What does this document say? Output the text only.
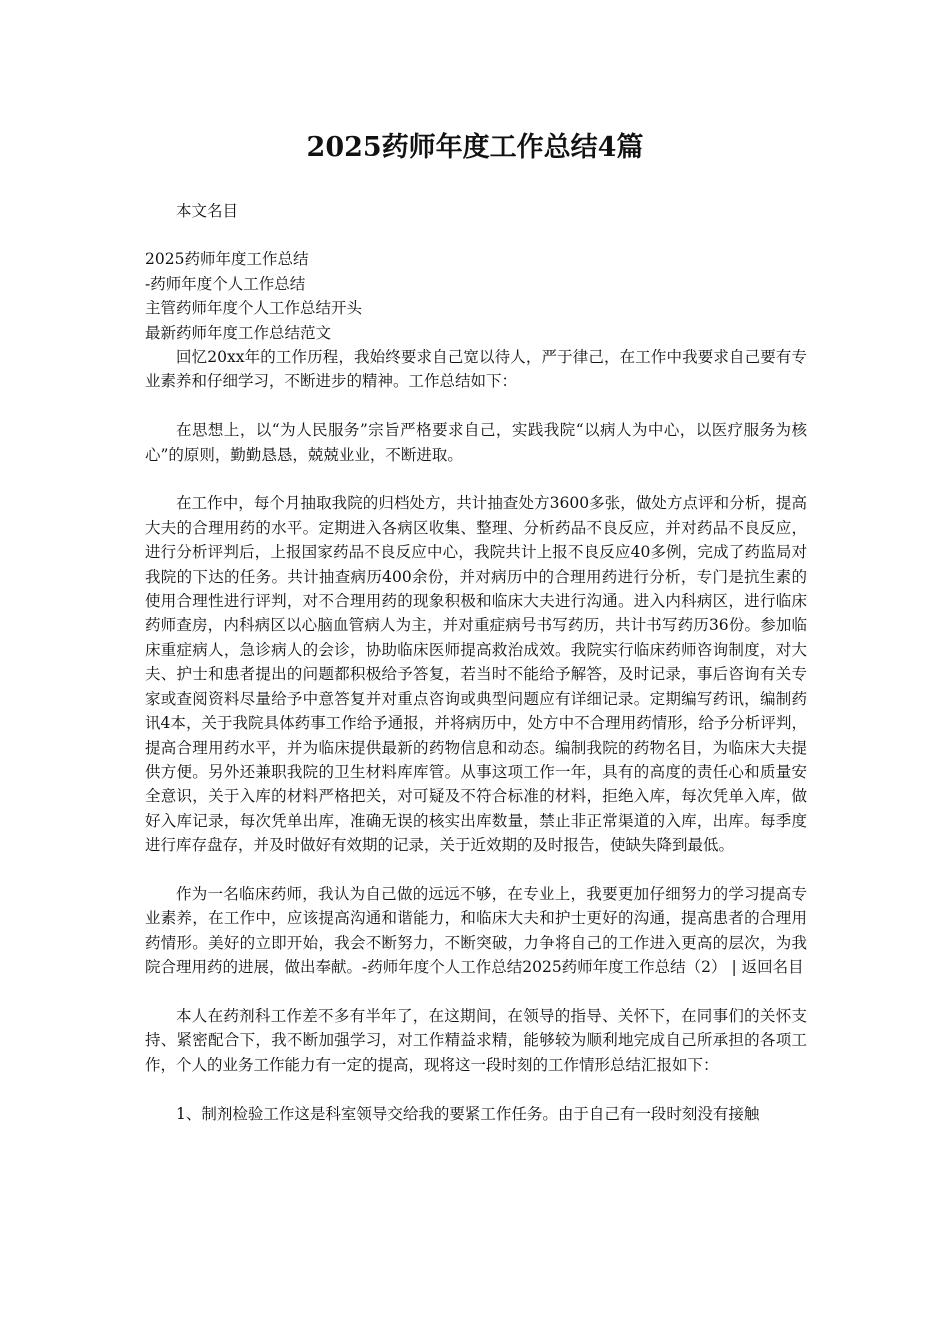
2025药师年度工作总结4篇

本文名目

2025药师年度工作总结

-药师年度个人工作总结

主管药师年度个人工作总结开头

最新药师年度工作总结范文

回忆20xx年的工作历程，我始终要求自己宽以待人，严于律己，在工作中我要求自己要有专业素养和仔细学习，不断进步的精神。工作总结如下：

在思想上，以“为人民服务”宗旨严格要求自己，实践我院“以病人为中心，以医疗服务为核心”的原则，勤勤恳恳，兢兢业业，不断进取。

在工作中，每个月抽取我院的归档处方，共计抽查处方3600多张，做处方点评和分析，提高大夫的合理用药的水平。定期进入各病区收集、整理、分析药品不良反应，并对药品不良反应，进行分析评判后，上报国家药品不良反应中心，我院共计上报不良反应40多例，完成了药监局对我院的下达的任务。共计抽查病历400余份，并对病历中的合理用药进行分析，专门是抗生素的使用合理性进行评判，对不合理用药的现象积极和临床大夫进行沟通。进入内科病区，进行临床药师查房，内科病区以心脑血管病人为主，并对重症病号书写药历，共计书写药历36份。参加临床重症病人，急诊病人的会诊，协助临床医师提高救治成效。我院实行临床药师咨询制度，对大夫、护士和患者提出的问题都积极给予答复，若当时不能给予解答，及时记录，事后咨询有关专家或查阅资料尽量给予中意答复并对重点咨询或典型问题应有详细记录。定期编写药讯，编制药讯4本，关于我院具体药事工作给予通报，并将病历中，处方中不合理用药情形，给予分析评判，提高合理用药水平，并为临床提供最新的药物信息和动态。编制我院的药物名目，为临床大夫提供方便。另外还兼职我院的卫生材料库库管。从事这项工作一年，具有的高度的责任心和质量安全意识，关于入库的材料严格把关，对可疑及不符合标准的材料，拒绝入库，每次凭单入库，做好入库记录，每次凭单出库，准确无误的核实出库数量，禁止非正常渠道的入库，出库。每季度进行库存盘存，并及时做好有效期的记录，关于近效期的及时报告，使缺失降到最低。

作为一名临床药师，我认为自己做的远远不够，在专业上，我要更加仔细努力的学习提高专业素养，在工作中，应该提高沟通和谐能力，和临床大夫和护士更好的沟通，提高患者的合理用药情形。美好的立即开始，我会不断努力，不断突破，力争将自己的工作进入更高的层次，为我院合理用药的进展，做出奉献。-药师年度个人工作总结2025药师年度工作总结（2） | 返回名目

本人在药剂科工作差不多有半年了，在这期间，在领导的指导、关怀下，在同事们的关怀支持、紧密配合下，我不断加强学习，对工作精益求精，能够较为顺利地完成自己所承担的各项工作，个人的业务工作能力有一定的提高，现将这一段时刻的工作情形总结汇报如下：

1、制剂检验工作这是科室领导交给我的要紧工作任务。由于自己有一段时刻没有接触
